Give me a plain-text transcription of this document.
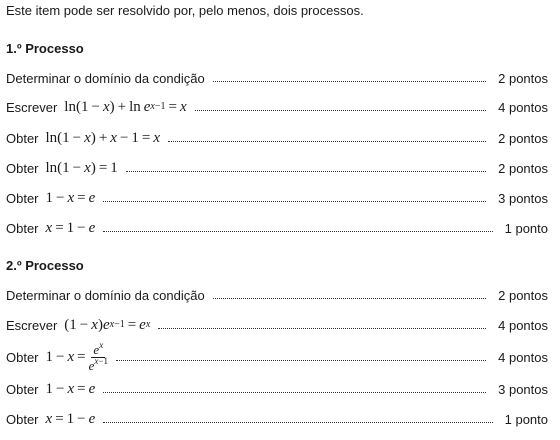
Este item pode ser resolvido por, pelo menos, dois processos.
1.º Processo
Determinar o domínio da condição	2 pontos
Escrever ln(1 −  x ) + ln  e x−1  =  x	4 pontos
Obter ln(1 −  x ) +  x  − 1 =  x	2 pontos
Obter ln(1 −  x ) = 1	2 pontos
Obter 1 −  x  =  e	3 pontos
Obter x  = 1 −  e	1 ponto
2.º Processo
Determinar o domínio da condição	2 pontos
Escrever (1 −  x ) e x−1  =  e x	4 pontos
Obter $1 - x = \frac{e^x}{e^{x-1}}$	4 pontos
Obter 1 −  x  =  e	3 pontos
Obter x  = 1 −  e	1 ponto
